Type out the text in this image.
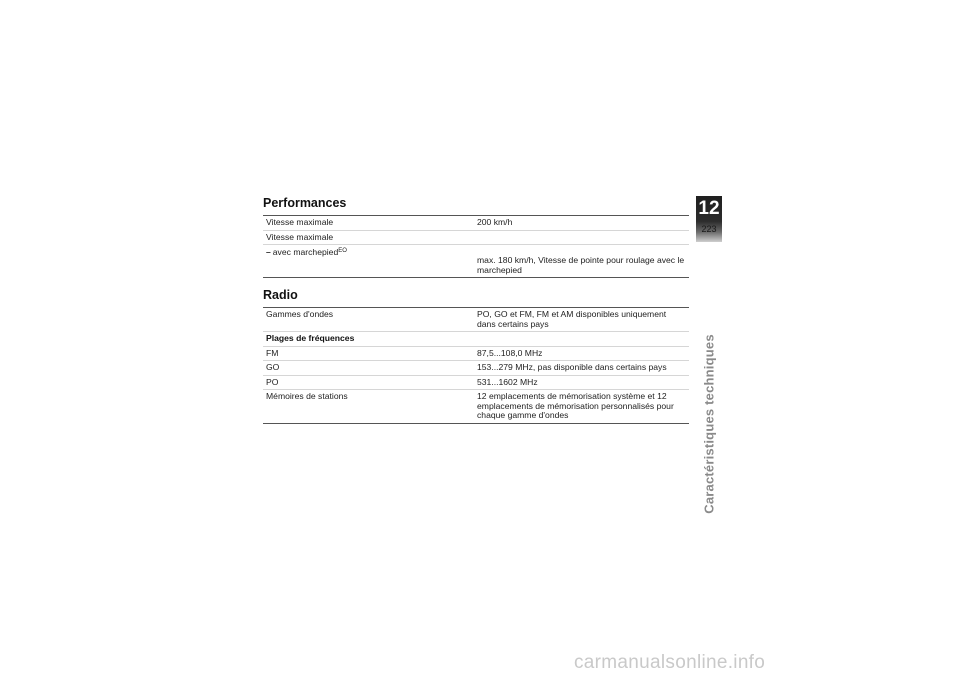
Performances
Vitesse maximale	200 km/h
Vitesse maximale	
– avec marchepied$^{EO}$	max. 180 km/h, Vitesse de pointe pour roulage avec le marchepied
Radio
Gammes d'ondes	PO, GO et FM, FM et AM disponibles uniquement dans certains pays
Plages de fréquences	
FM	87,5...108,0 MHz
GO	153...279 MHz, pas disponible dans certains pays
PO	531...1602 MHz
Mémoires de stations	12 emplacements de mémorisation système et 12 emplacements de mémorisation personnalisés pour chaque gamme d'ondes
12
223
Caractéristiques techniques
carmanualsonline.info
